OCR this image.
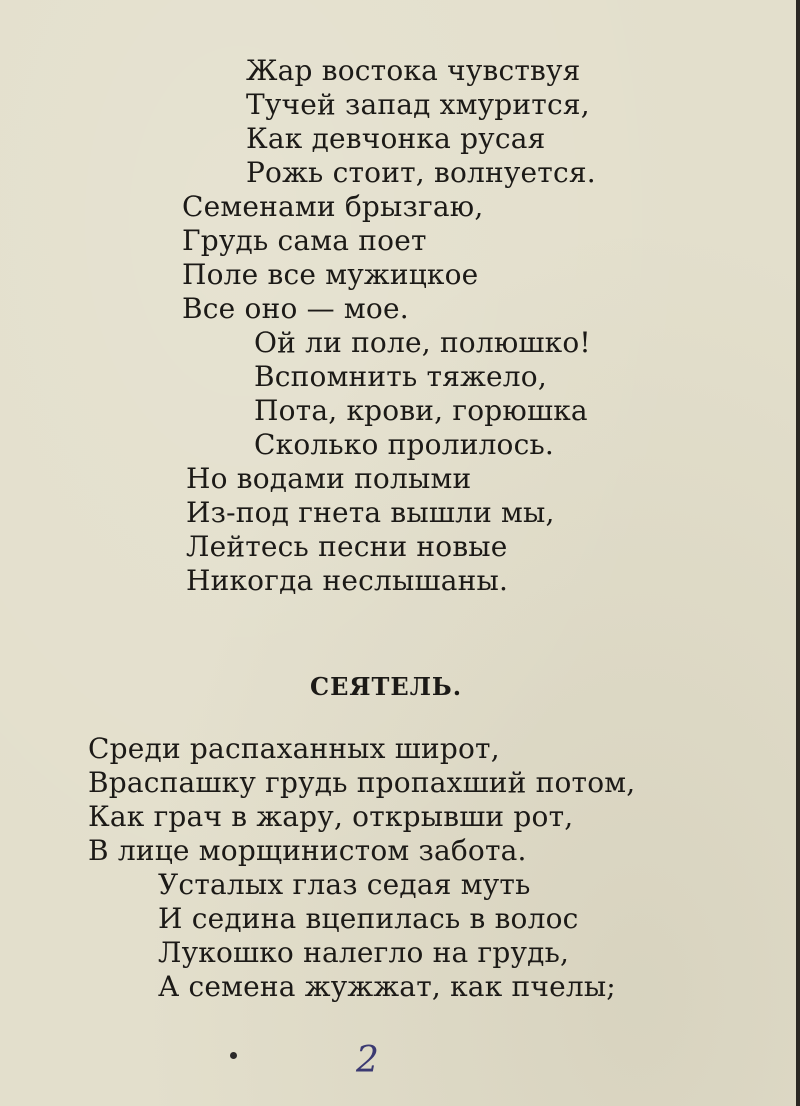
Жар востока чувствуя
Тучей запад хмурится,
Как девчонка русая
Рожь стоит, волнуется.
Семенами брызгаю,
Грудь сама поет
Поле все мужицкое
Все оно — мое.
Ой ли поле, полюшко!
Вспомнить тяжело,
Пота, крови, горюшка
Сколько пролилось.
Но водами полыми
Из-под гнета вышли мы,
Лейтесь песни новые
Никогда неслышаны.
СЕЯТЕЛЬ.
Среди распаханных широт,
Враспашку грудь пропахший потом,
Как грач в жару, открывши рот,
В лице морщинистом забота.
Усталых глаз седая муть
И седина вцепилась в волос
Лукошко налегло на грудь,
А семена жужжат, как пчелы;
2
